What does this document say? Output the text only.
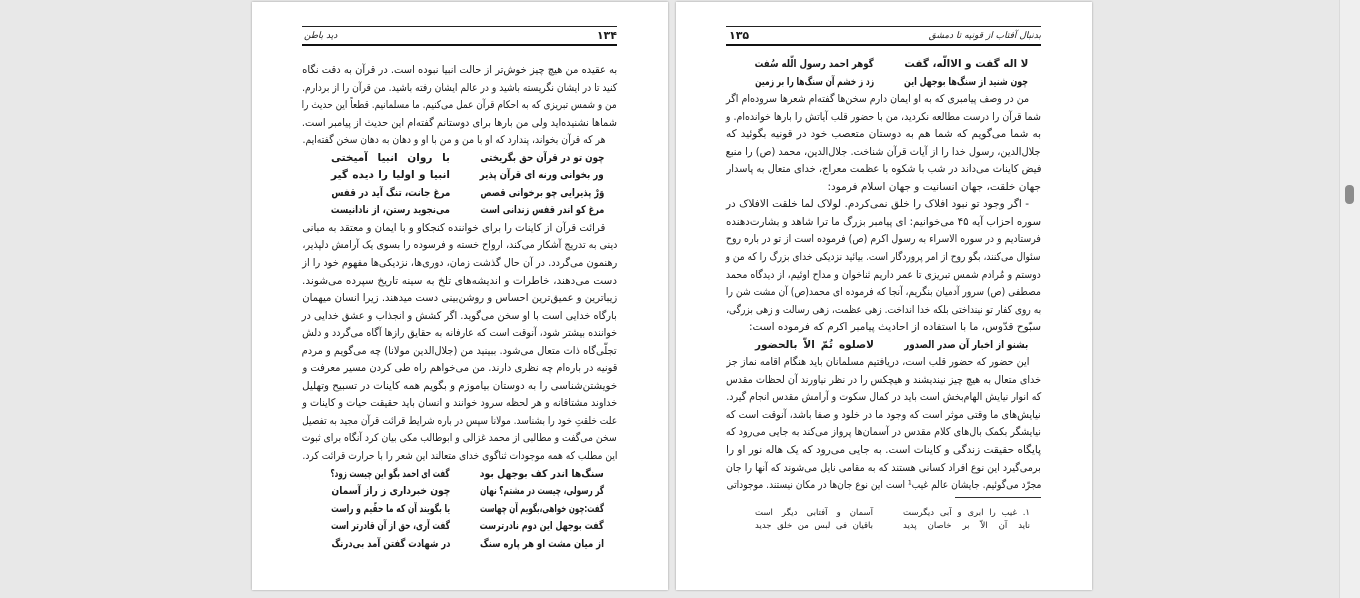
۱۳۴
دید باطن
به عقیده من هیچ چیز خوش‌تر از حالت انبیا نبوده است. در قرآن به دقت نگاه
کنید تا در ایشان نگریسته باشید و در عالم ایشان رفته باشید. من قرآن را از بردارم.
من و شمس تبریزی که به احکام قرآن عمل می‌کنیم. ما مسلمانیم. قطعاً این حدیث را
شماها نشنیده‌اید ولی من بارها برای دوستانم گفته‌ام این حدیث از پیامبر است.
هر که قرآن بخواند، پندارد که او با من و من با او و دهان به دهان سخن گفته‌ایم.
چون تو در قرآن حق بگریختی
با روان انبیا آمیختی
ور بخوانی ورنه ای قرآن پذیر
انبیا و اولیا را دیده گیر
وَرْ پذیرایی چو برخوانی قصص
مرغ جانت، تنگ آید در قفس
مرغ کو اندر قفس زندانی است
می‌نجوید رستن، از نادانیست
قرائت قرآن از کاینات را برای خواننده کنجکاو و با ایمان و معتقد به مبانی
دینی به تدریج آشکار می‌کند، ارواح خسته و فرسوده را بسوی یک آرامش دلپذیر،
رهنمون می‌گردد. در آن حال گذشت زمان، دوری‌ها، نزدیکی‌ها مفهوم خود را از
دست می‌دهند، خاطرات و اندیشه‌های تلخ به سینه تاریخ سپرده می‌شوند.
زیباترین و عمیق‌ترین احساس و روشن‌بینی دست میدهند. زیرا انسان میهمان
بارگاه خدایی است با او سخن می‌گوید. اگر کشش و انجذاب و عشق خدایی در
خواننده بیشتر شود، آنوقت است که عارفانه به حقایق رازها آگاه می‌گردد و دلش
تجلّی‌گاه ذات متعال می‌شود. ببینید من (جلال‌الدین مولانا) چه می‌گویم و مردم
قونیه در باره‌ام چه نظری دارند. من می‌خواهم راه طی کردن مسیر معرفت و
خویشتن‌شناسی را به دوستان بیاموزم و بگویم همه کاینات در تسبیح وتهلیل
خداوند مشتاقانه و هر لحظه سرود خوانند و انسان باید حقیقت حیات و کاینات و
علت خلقتِ خود را بشناسد. مولانا سپس در باره شرایط قرائت قرآن مجید به تفصیل
سخن می‌گفت و مطالبی از محمد غزالی و ابوطالب مکی بیان کرد آنگاه برای ثبوت
این مطلب که همه موجودات ثناگوی خدای متعالند این شعر را با حرارت قرائت کرد.
سنگ‌ها اندر کف بوجهل بود
گفت ای احمد بگو این چیست زود؟
گر رسولی، چیست در مشتم؟ نهان
چون خبرداری ز راز آسمان
گفت:چون خواهی،بگویم آن چهاست
یا بگویند آن که ما حقّیم و راست
گفت بوجهل این دوم نادرترست
گفت آری، حق از آن قادرتر است
از میان مشت او هر پاره سنگ
در شهادت گفتن آمد بی‌درنگ
۱۳۵	بدنبال آفتاب از قونیه تا دمشق
لا اله گفت و الاالّه، گفت
گوهر احمد رسول الّله سُفت
چون شنید از سنگ‌ها بوجهل این
زد ز خشم آن سنگ‌ها را بر زمین
من در وصف پیامبری که به او ایمان دارم سخن‌ها گفته‌ام شعرها سروده‌ام اگر
شما قرآن را درست مطالعه نکردید، من با حضور قلب آیاتش را بارها خوانده‌ام. و
به شما می‌گویم که شما هم به دوستان متعصب خود در قونیه بگوئید که
جلال‌الدین، رسول خدا را از آیات قرآن شناخت. جلال‌الدین، محمد (ص) را منبع
فیض کاینات می‌داند در شب با شکوه با عظمت معراج، خدای متعال به پاسدار
جهان خلقت، جهان انسانیت و جهان اسلام فرمود:
- اگر وجود تو نبود افلاک را خلق نمی‌کردم. لولاک لما خلقت الافلاک در
سوره احزاب آیه ۴۵ می‌خوانیم: ای پیامبر بزرگ ما ترا شاهد و بشارت‌دهنده
فرستادیم و در سوره الاسراء به رسول اکرم (ص) فرموده است از تو در باره روح
سئوال می‌کنند، بگو روح از امر پروردگار است. بیائید نزدیکی خدای بزرگ را که من و
دوستم و مُرادم شمس تبریزی تا عمر داریم ثناخوان و مداح اوئیم، از دیدگاه محمد
مصطفی (ص) سرور آدمیان بنگریم، آنجا که فرموده ای محمد(ص) آن مشت شن را
به روی کفار تو نینداختی بلکه خدا انداخت. زهی عظمت، زهی رسالت و زهی بزرگی،
سبّوح قدّوس، ما با استفاده از احادیث پیامبر اکرم که فرموده است:
بشنو از اخبار آن صدر الصدور
لاصلوه تُمّ الاّ بالحضور
این حضور که حضور قلب است، دریافتیم مسلمانان باید هنگام اقامه نماز جز
خدای متعال به هیچ چیز نیندیشند و هیچکس را در نظر نیاورند آن لحظات مقدس
که انوار نیایش الهام‌بخش است باید در کمال سکوت و آرامش مقدس انجام گیرد.
نیایش‌های ما وقتی موثر است که وجود ما در خلود و صفا باشد، آنوقت است که
نیایشگر بکمک بال‌های کلام مقدس در آسمان‌ها پرواز می‌کند به جایی می‌رود که
پایگاه حقیقت زندگی و کاینات است. به جایی می‌رود که یک هاله نور او را
برمی‌گیرد این نوع افراد کسانی هستند که به مقامی نایل می‌شوند که آنها را جان
مجرّد می‌گوئیم. جایشان عالم غیب¹ است این نوع جان‌ها در مکان نیستند. موجوداتی
۱. غیب را ابری و آبی دیگرست
آسمان و آفتابی دیگر است
ناید آن الاّ بر خاصان پدید
باقیان فی لبس من خلق جدید
